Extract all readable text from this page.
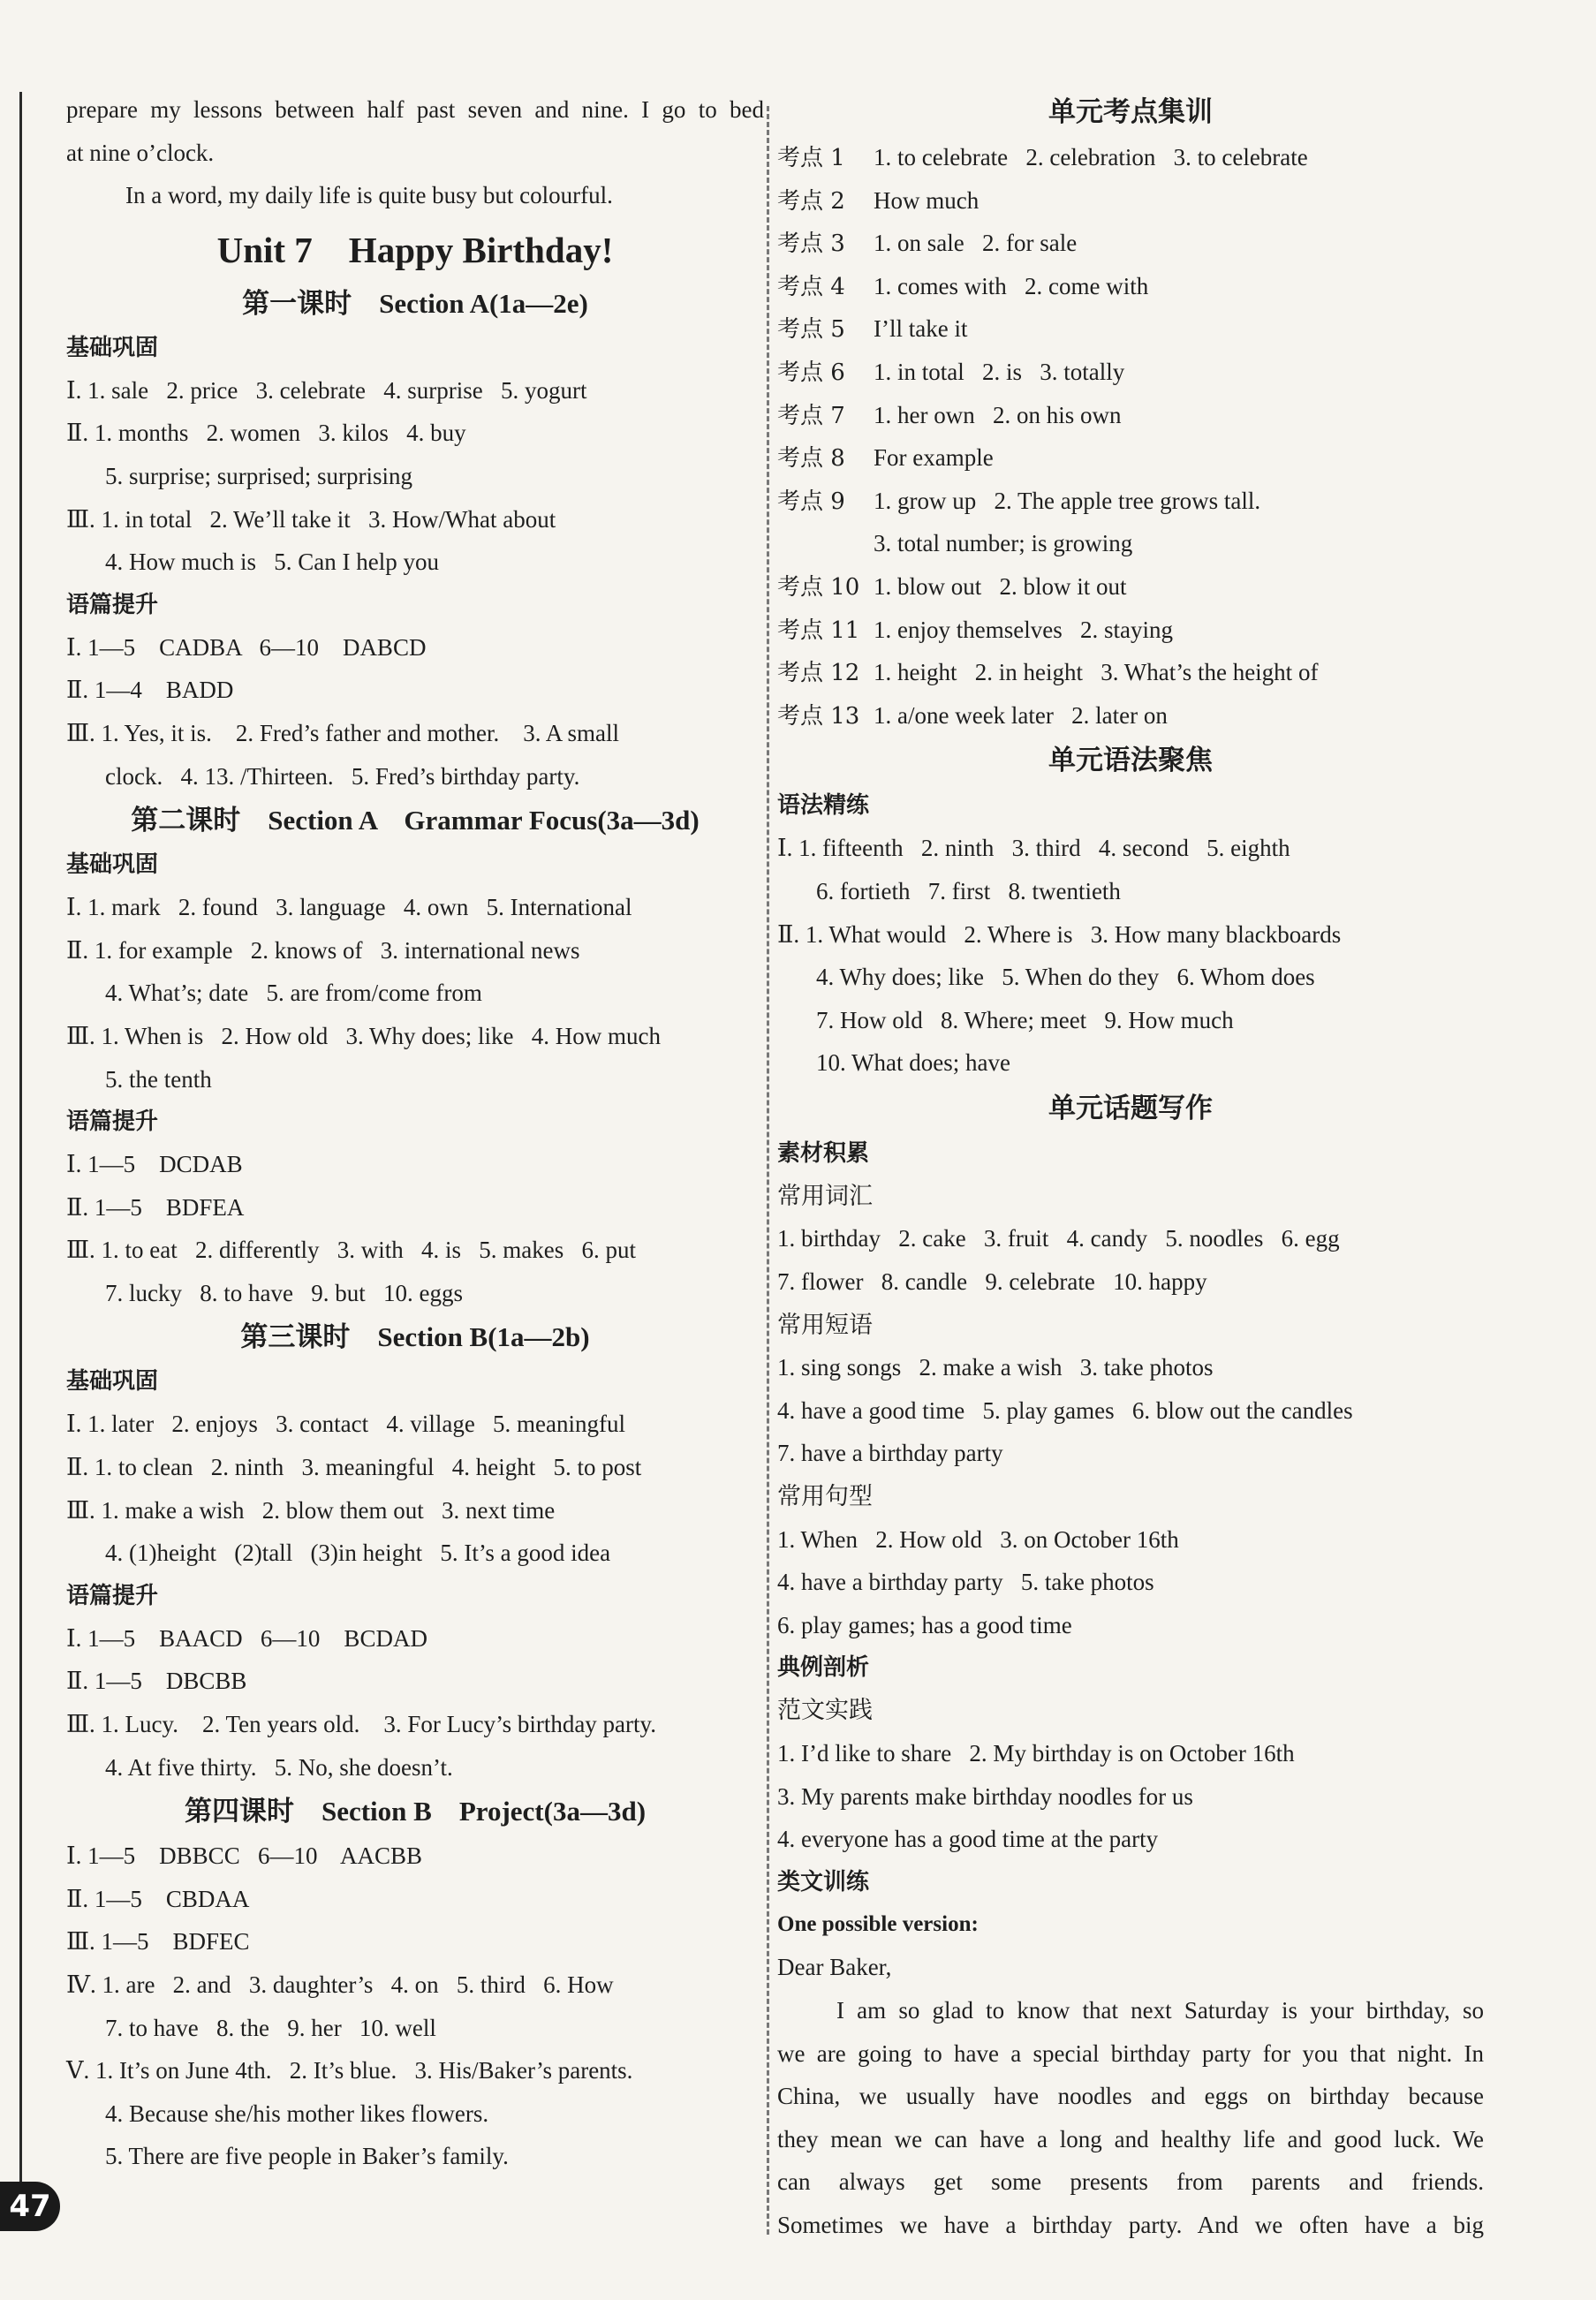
prepare my lessons between half past seven and nine. I go to bed
at nine o’clock.
In a word, my daily life is quite busy but colourful.
Unit 7    Happy Birthday!
第一课时    Section A(1a—2e)
基础巩固
Ⅰ. 1. sale   2. price   3. celebrate   4. surprise   5. yogurt
Ⅱ. 1. months   2. women   3. kilos   4. buy
5. surprise; surprised; surprising
Ⅲ. 1. in total   2. We’ll take it   3. How/What about
4. How much is   5. Can I help you
语篇提升
Ⅰ. 1—5    CADBA   6—10    DABCD
Ⅱ. 1—4    BADD
Ⅲ. 1. Yes, it is.    2. Fred’s father and mother.    3. A small
clock.   4. 13. /Thirteen.   5. Fred’s birthday party.
第二课时    Section A    Grammar Focus(3a—3d)
基础巩固
Ⅰ. 1. mark   2. found   3. language   4. own   5. International
Ⅱ. 1. for example   2. knows of   3. international news
4. What’s; date   5. are from/come from
Ⅲ. 1. When is   2. How old   3. Why does; like   4. How much
5. the tenth
语篇提升
Ⅰ. 1—5    DCDAB
Ⅱ. 1—5    BDFEA
Ⅲ. 1. to eat   2. differently   3. with   4. is   5. makes   6. put
7. lucky   8. to have   9. but   10. eggs
第三课时    Section B(1a—2b)
基础巩固
Ⅰ. 1. later   2. enjoys   3. contact   4. village   5. meaningful
Ⅱ. 1. to clean   2. ninth   3. meaningful   4. height   5. to post
Ⅲ. 1. make a wish   2. blow them out   3. next time
4. (1)height   (2)tall   (3)in height   5. It’s a good idea
语篇提升
Ⅰ. 1—5    BAACD   6—10    BCDAD
Ⅱ. 1—5    DBCBB
Ⅲ. 1. Lucy.    2. Ten years old.    3. For Lucy’s birthday party.
4. At five thirty.   5. No, she doesn’t.
第四课时    Section B    Project(3a—3d)
Ⅰ. 1—5    DBBCC   6—10    AACBB
Ⅱ. 1—5    CBDAA
Ⅲ. 1—5    BDFEC
Ⅳ. 1. are   2. and   3. daughter’s   4. on   5. third   6. How
7. to have   8. the   9. her   10. well
Ⅴ. 1. It’s on June 4th.   2. It’s blue.   3. His/Baker’s parents.
4. Because she/his mother likes flowers.
5. There are five people in Baker’s family.
单元考点集训
考点 1 1. to celebrate   2. celebration   3. to celebrate
考点 2 How much
考点 3 1. on sale   2. for sale
考点 4 1. comes with   2. come with
考点 5 I’ll take it
考点 6 1. in total   2. is   3. totally
考点 7 1. her own   2. on his own
考点 8 For example
考点 9 1. grow up   2. The apple tree grows tall.
3. total number; is growing
考点 10 1. blow out   2. blow it out
考点 11 1. enjoy themselves   2. staying
考点 12 1. height   2. in height   3. What’s the height of
考点 13 1. a/one week later   2. later on
单元语法聚焦
语法精练
Ⅰ. 1. fifteenth   2. ninth   3. third   4. second   5. eighth
6. fortieth   7. first   8. twentieth
Ⅱ. 1. What would   2. Where is   3. How many blackboards
4. Why does; like   5. When do they   6. Whom does
7. How old   8. Where; meet   9. How much
10. What does; have
单元话题写作
素材积累
常用词汇
1. birthday   2. cake   3. fruit   4. candy   5. noodles   6. egg
7. flower   8. candle   9. celebrate   10. happy
常用短语
1. sing songs   2. make a wish   3. take photos
4. have a good time   5. play games   6. blow out the candles
7. have a birthday party
常用句型
1. When   2. How old   3. on October 16th
4. have a birthday party   5. take photos
6. play games; has a good time
典例剖析
范文实践
1. I’d like to share   2. My birthday is on October 16th
3. My parents make birthday noodles for us
4. everyone has a good time at the party
类文训练
One possible version:
Dear Baker,
I am so glad to know that next Saturday is your birthday, so
we are going to have a special birthday party for you that night. In
China, we usually have noodles and eggs on birthday because
they mean we can have a long and healthy life and good luck. We
can always get some presents from parents and friends.
Sometimes we have a birthday party. And we often have a big
47
